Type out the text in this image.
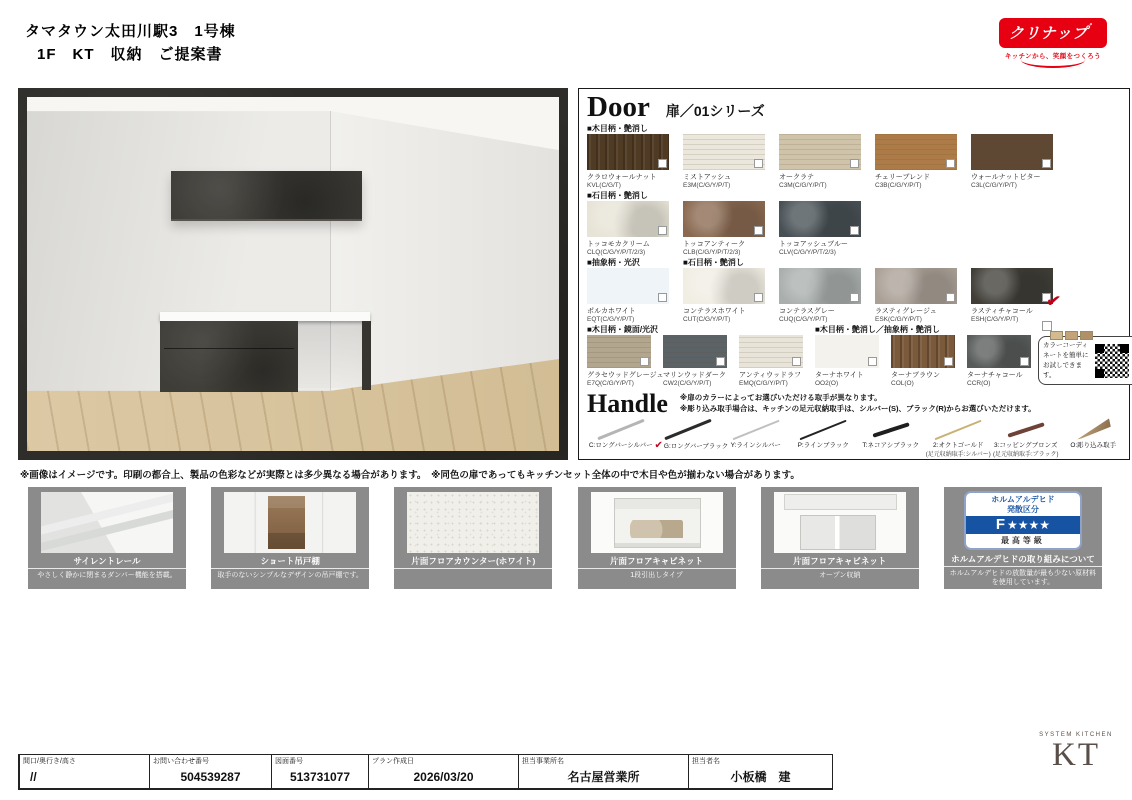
タマタウン太田川駅3　1号棟
1F　KT　収納　ご提案書
クリナップ゜
キッチンから、笑顔をつくろう
Door 扉／01シリーズ
■木目柄・艶消し
クラロウォールナット
KVL(C/G/T)
ミストアッシュ
E3M(C/G/Y/P/T)
オークラテ
C3M(C/G/Y/P/T)
チェリーブレンド
C3B(C/G/Y/P/T)
ウォールナットビター
C3L(C/G/Y/P/T)
■石目柄・艶消し
トッコモカクリーム
CLQ(C/G/Y/P/T/2/3)
トッコアンティーク
CLB(C/G/Y/P/T/2/3)
トッコアッシュブルー
CLV(C/G/Y/P/T/2/3)
■抽象柄・光沢
ポルカホワイト
EQT(C/G/Y/P/T)
■石目柄・艶消し
コンテラスホワイト
CUT(C/G/Y/P/T)
コンテラスグレー
CUQ(C/G/Y/P/T)
ラスティグレージュ
ESK(C/G/Y/P/T)
✔
ラスティチャコール
ESH(C/G/Y/P/T)
■木目柄・鏡面/光沢
グラセウッドグレージュ
E7Q(C/G/Y/P/T)
マリンウッドダーク
CW2(C/G/Y/P/T)
アンティウッドラフ
EMQ(C/G/Y/P/T)
■木目柄・艶消し／抽象柄・艶消し
ターナホワイト
OO2(O)
ターナブラウン
COL(O)
ターナチャコール
CCR(O)
カラーコーディネートを簡単にお試しできます。
Handle ※扉のカラーによってお選びいただける取手が異なります。
※彫り込み取手場合は、キッチンの足元収納取手は、シルバー(S)、ブラック(R)からお選びいただけます。
C:ロングバーシルバー ✔G:ロングバーブラック Y:ラインシルバー	P:ラインブラック	T:ネコアシブラック	2:オクトゴールド
(足元収納取手:シルバー)
3:コッピングブロンズ
(足元収納取手:ブラック)
O:彫り込み取手
※画像はイメージです。印刷の都合上、製品の色彩などが実際とは多少異なる場合があります。　※同色の扉であってもキッチンセット全体の中で木目や色が揃わない場合があります。
サイレントレール
やさしく静かに閉まるダンパー機能を搭載。
ショート吊戸棚
取手のないシンプルなデザインの吊戸棚です。
片面フロアカウンター(ホワイト)	片面フロアキャビネット
1段引出しタイプ
片面フロアキャビネット
オープン収納
ホルムアルデヒド
発散区分
F ★★★★
最高等級
ホルムアルデヒドの取り組みについて
ホルムアルデヒドの放散量が最も少ない原材料を使用しています。
間口/奥行き/高さ
//
お問い合わせ番号
504539287
図面番号
513731077
プラン作成日
2026/03/20
担当事業所名
名古屋営業所
担当者名
小板橋　建
SYSTEM KITCHEN
KT
